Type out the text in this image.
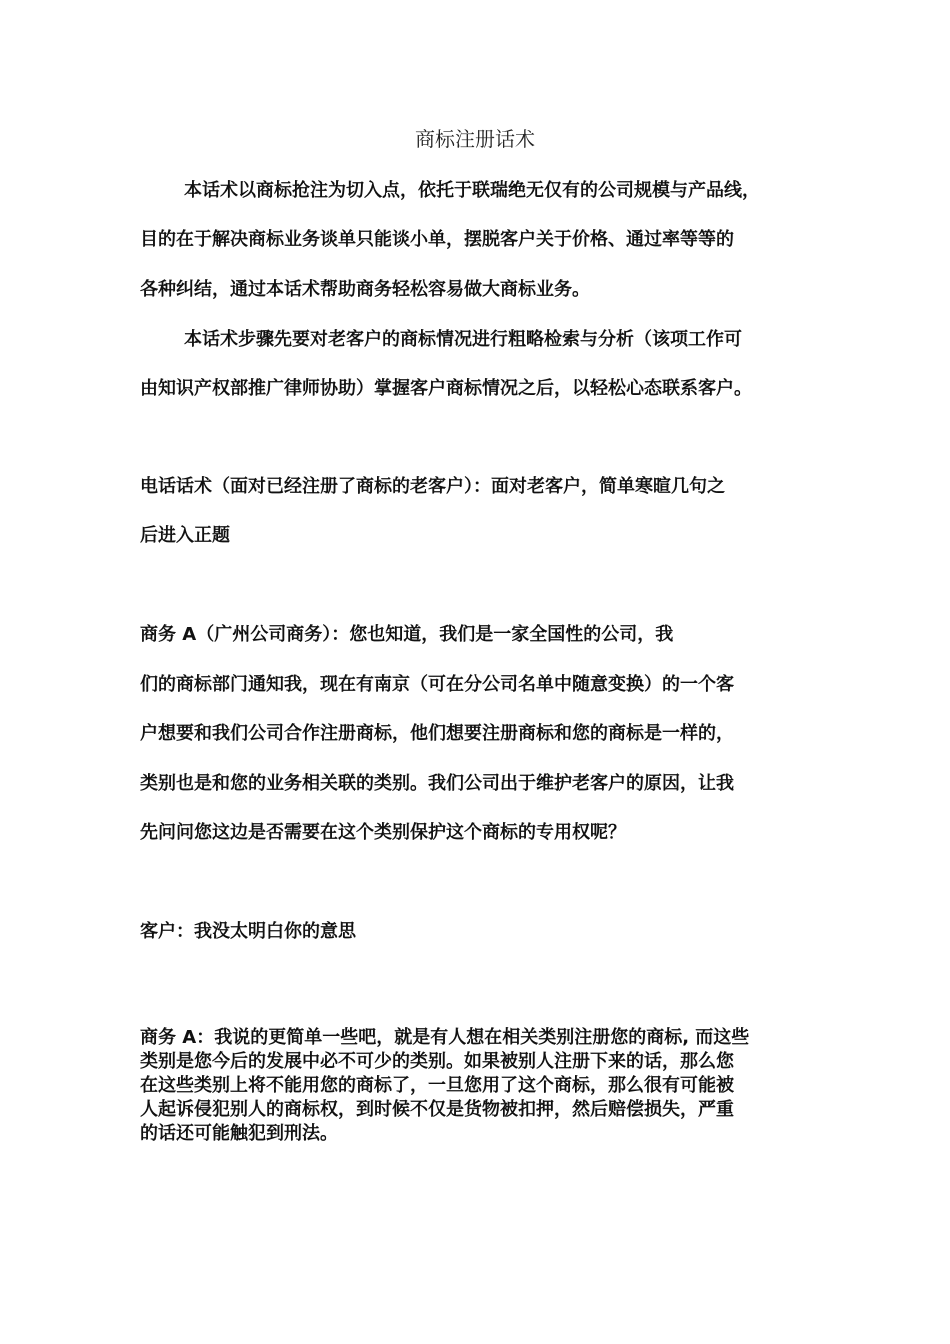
商标注册话术
本话术以商标抢注为切入点，依托于联瑞绝无仅有的公司规模与产品线，
目的在于解决商标业务谈单只能谈小单，摆脱客户关于价格、通过率等等的
各种纠结，通过本话术帮助商务轻松容易做大商标业务。
本话术步骤先要对老客户的商标情况进行粗略检索与分析（该项工作可
由知识产权部推广律师协助）掌握客户商标情况之后，以轻松心态联系客户。
电话话术（面对已经注册了商标的老客户）：面对老客户，简单寒暄几句之
后进入正题
商务 A（广州公司商务）：您也知道，我们是一家全国性的公司，我
们的商标部门通知我，现在有南京（可在分公司名单中随意变换）的一个客
户想要和我们公司合作注册商标，他们想要注册商标和您的商标是一样的，
类别也是和您的业务相关联的类别。我们公司出于维护老客户的原因，让我
先问问您这边是否需要在这个类别保护这个商标的专用权呢？
客户：我没太明白你的意思
商务 A：我说的更简单一些吧，就是有人想在相关类别注册您的商标, 而这些
类别是您今后的发展中必不可少的类别。如果被别人注册下来的话，那么您
在这些类别上将不能用您的商标了，一旦您用了这个商标，那么很有可能被
人起诉侵犯别人的商标权，到时候不仅是货物被扣押，然后赔偿损失，严重
的话还可能触犯到刑法。
